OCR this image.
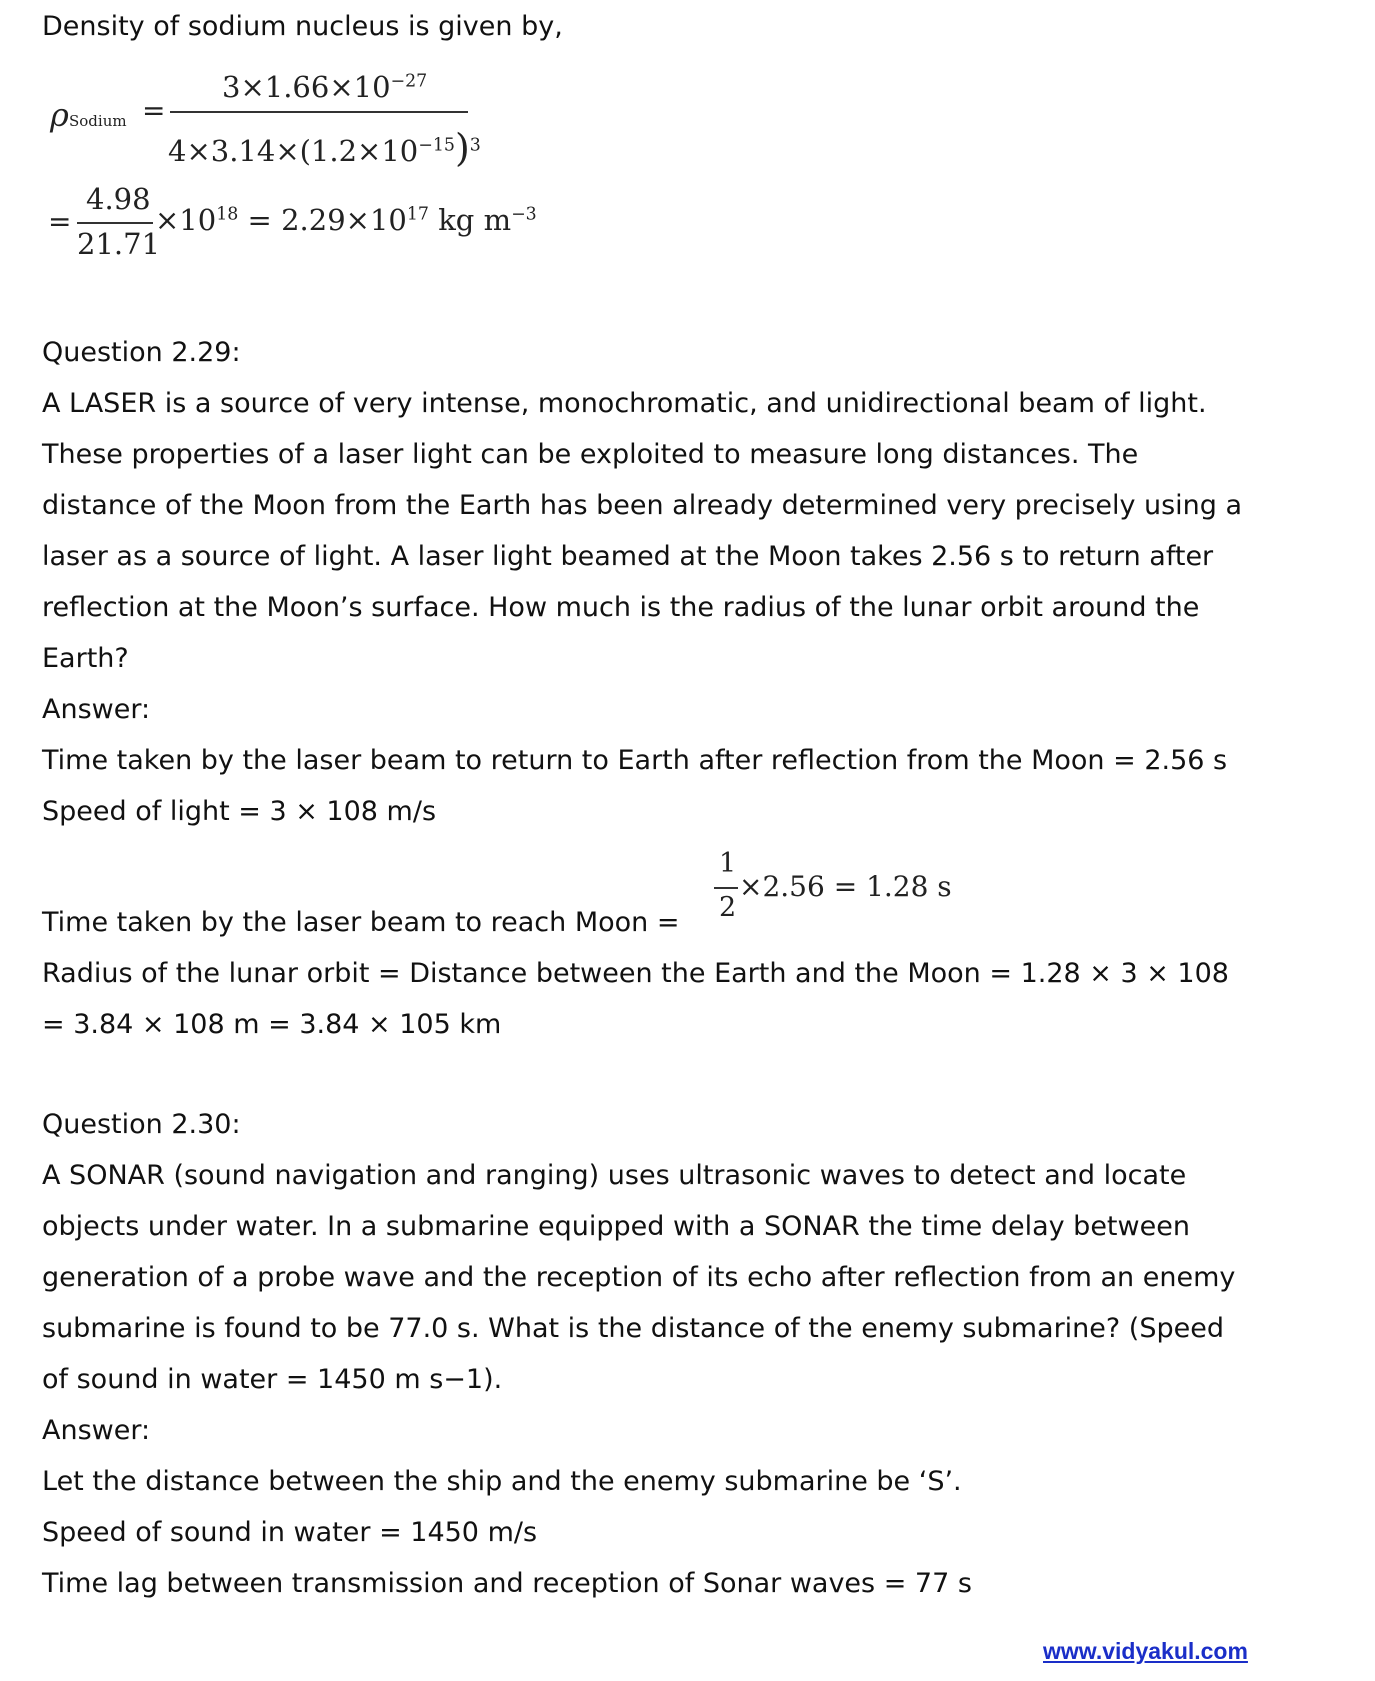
Density of sodium nucleus is given by,
ρ Sodium =
$3\times 1.66\times 10^{-27}$
$4\times 3.14\times(1.2\times 10^{-15})^3$
=
4.98
21.71
$\times 10^{18} = 2.29\times 10^{17}$ kg $m^{-3}$
Question 2.29:
A LASER is a source of very intense, monochromatic, and unidirectional beam of light.
These properties of a laser light can be exploited to measure long distances. The
distance of the Moon from the Earth has been already determined very precisely using a
laser as a source of light. A laser light beamed at the Moon takes 2.56 s to return after
reflection at the Moon’s surface. How much is the radius of the lunar orbit around the
Earth?
Answer:
Time taken by the laser beam to return to Earth after reflection from the Moon = 2.56 s
Speed of light = 3 × 108 m/s
1
2
×2.56 = 1.28 s
Time taken by the laser beam to reach Moon =
Radius of the lunar orbit = Distance between the Earth and the Moon = 1.28 × 3 × 108
= 3.84 × 108 m = 3.84 × 105 km
Question 2.30:
A SONAR (sound navigation and ranging) uses ultrasonic waves to detect and locate
objects under water. In a submarine equipped with a SONAR the time delay between
generation of a probe wave and the reception of its echo after reflection from an enemy
submarine is found to be 77.0 s. What is the distance of the enemy submarine? (Speed
of sound in water = 1450 m s−1).
Answer:
Let the distance between the ship and the enemy submarine be ‘S’.
Speed of sound in water = 1450 m/s
Time lag between transmission and reception of Sonar waves = 77 s
www.vidyakul.com
